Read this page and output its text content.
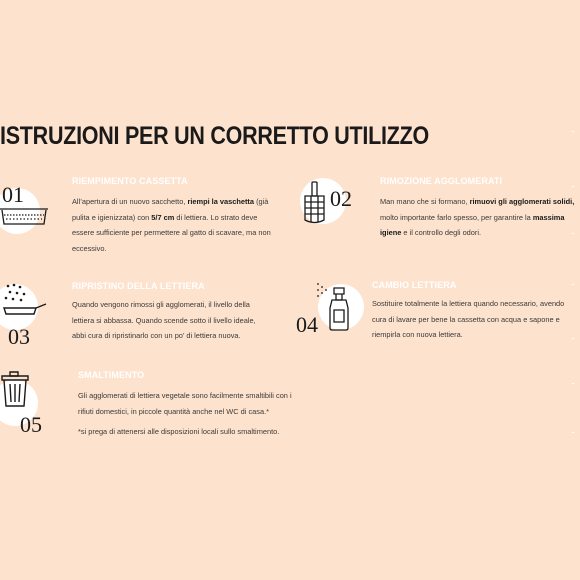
ISTRUZIONI PER UN CORRETTO UTILIZZO
01
RIEMPIMENTO CASSETTA
All’apertura di un nuovo sacchetto, riempi la vaschetta (già
pulita e igienizzata) con 5/7 cm di lettiera. Lo strato deve
essere sufficiente per permettere al gatto di scavare, ma non
eccessivo.
02
RIMOZIONE AGGLOMERATI
Man mano che si formano, rimuovi gli agglomerati solidi,
molto importante farlo spesso, per garantire la massima
igiene e il controllo degli odori.
03
RIPRISTINO DELLA LETTIERA
Quando vengono rimossi gli agglomerati, il livello della
lettiera si abbassa. Quando scende sotto il livello ideale,
abbi cura di ripristinarlo con un po’ di lettiera nuova.	04
CAMBIO LETTIERA
Sostituire totalmente la lettiera quando necessario, avendo
cura di lavare per bene la cassetta con acqua e sapone e
riempirla con nuova lettiera.
05
SMALTIMENTO
Gli agglomerati di lettiera vegetale sono facilmente smaltibili con i
rifiuti domestici, in piccole quantità anche nel WC di casa.*
*si prega di attenersi alle disposizioni locali sullo smaltimento.
